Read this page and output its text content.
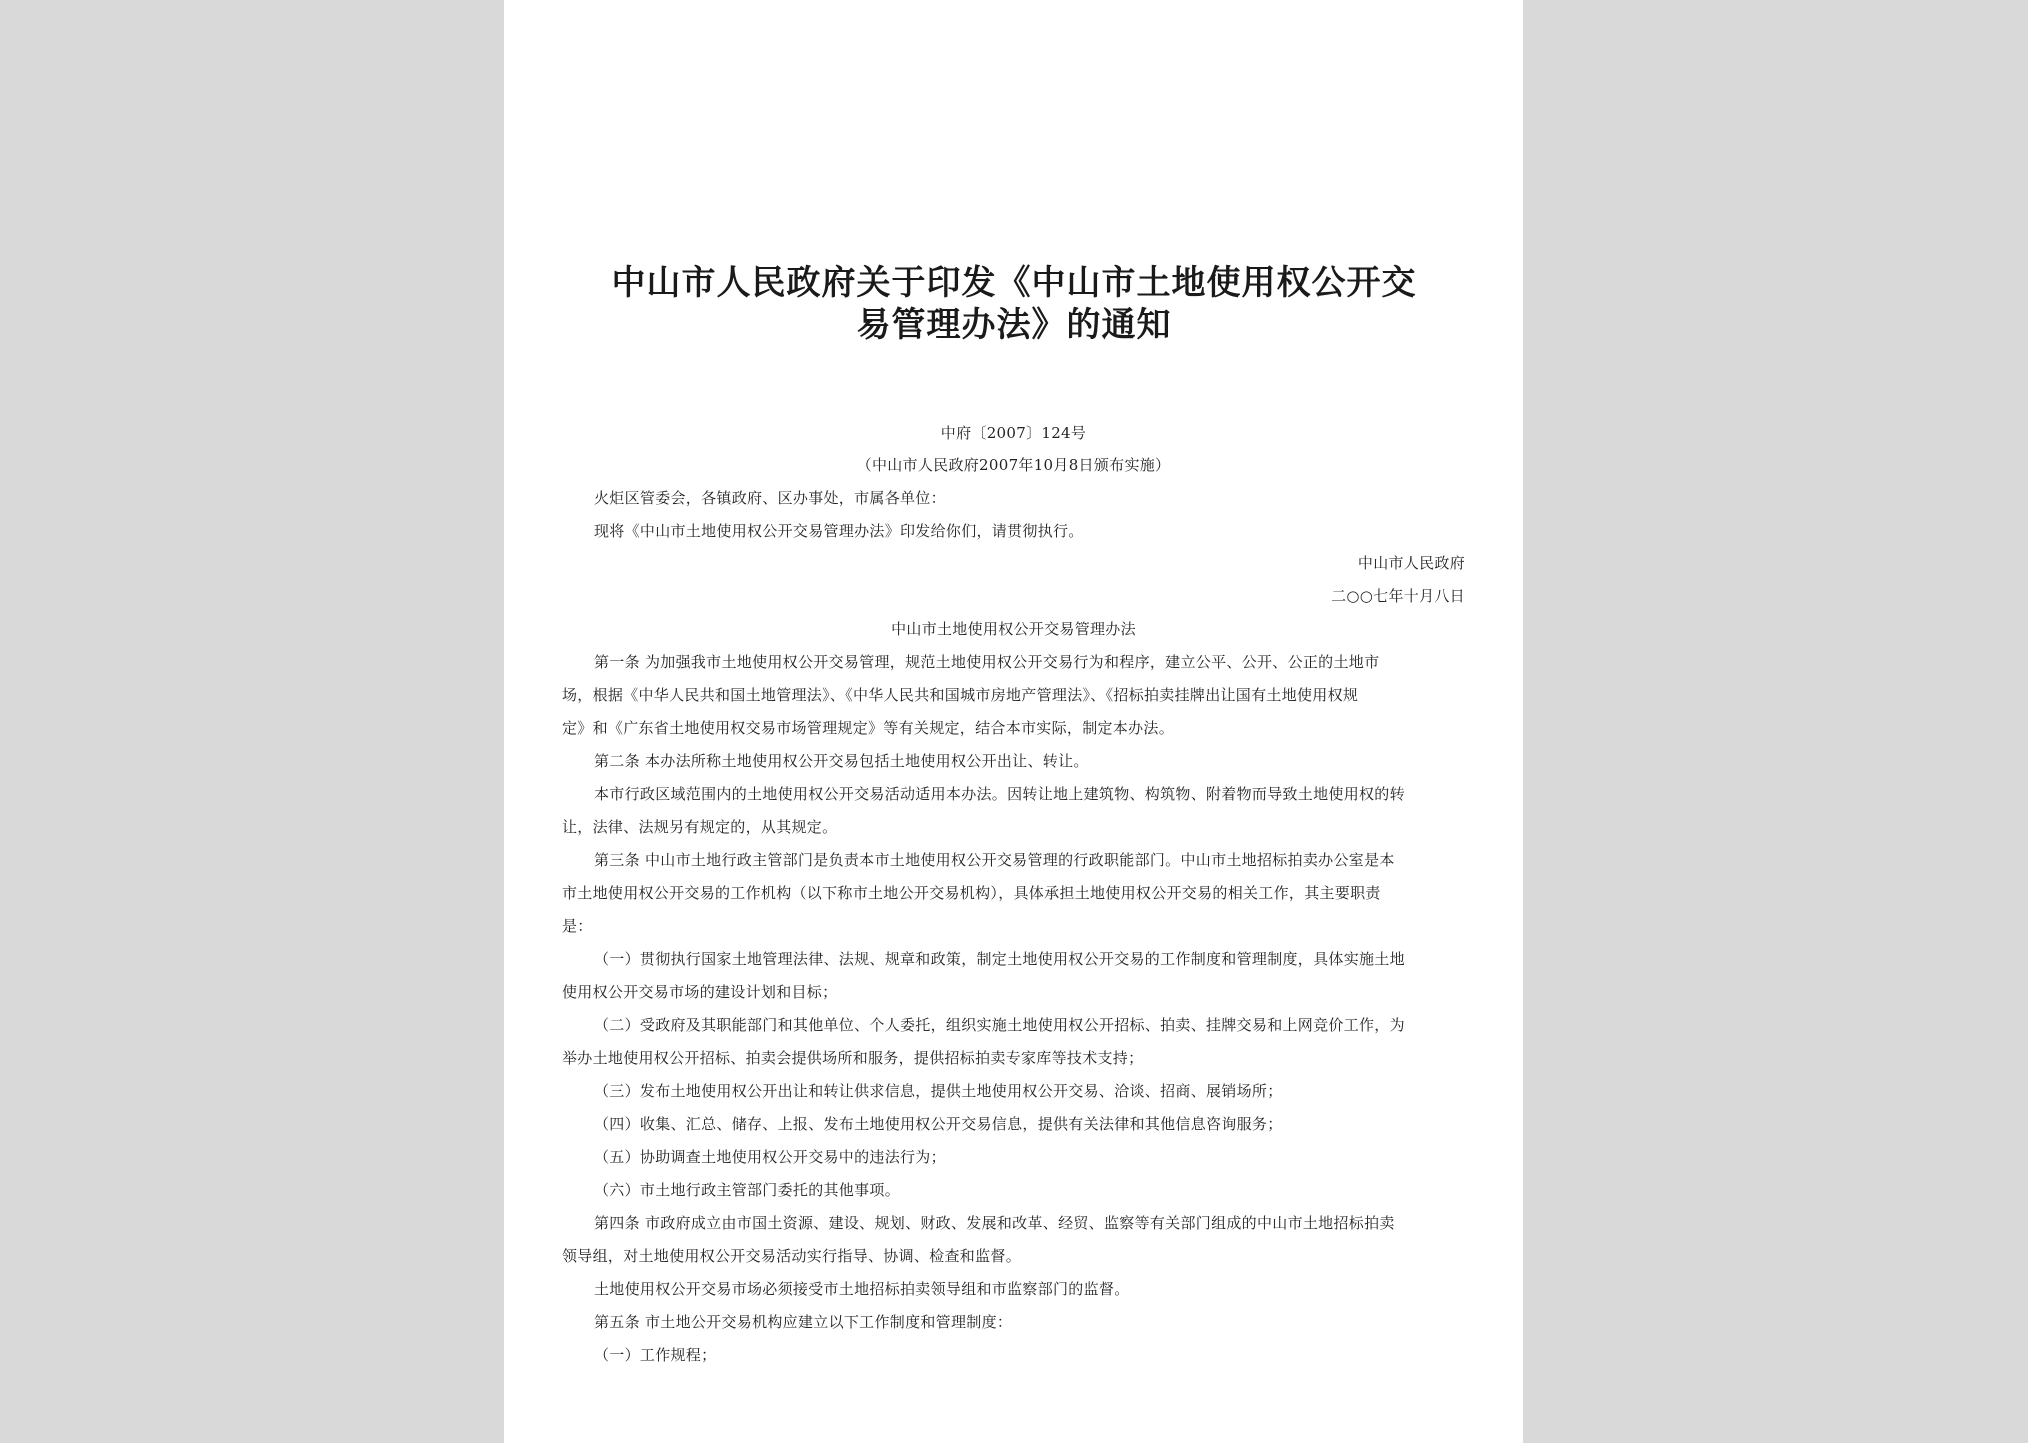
中山市人民政府关于印发《中山市土地使用权公开交
易管理办法》的通知
中府〔2007〕124号
（中山市人民政府2007年10月8日颁布实施）
火炬区管委会，各镇政府、区办事处，市属各单位：
现将《中山市土地使用权公开交易管理办法》印发给你们，请贯彻执行。
中山市人民政府
二○○七年十月八日
中山市土地使用权公开交易管理办法
第一条 为加强我市土地使用权公开交易管理，规范土地使用权公开交易行为和程序，建立公平、公开、公正的土地市
场，根据《中华人民共和国土地管理法》、《中华人民共和国城市房地产管理法》、《招标拍卖挂牌出让国有土地使用权规
定》和《广东省土地使用权交易市场管理规定》等有关规定，结合本市实际，制定本办法。
第二条 本办法所称土地使用权公开交易包括土地使用权公开出让、转让。
本市行政区域范围内的土地使用权公开交易活动适用本办法。因转让地上建筑物、构筑物、附着物而导致土地使用权的转
让，法律、法规另有规定的，从其规定。
第三条 中山市土地行政主管部门是负责本市土地使用权公开交易管理的行政职能部门。中山市土地招标拍卖办公室是本
市土地使用权公开交易的工作机构（以下称市土地公开交易机构），具体承担土地使用权公开交易的相关工作，其主要职责
是：
（一）贯彻执行国家土地管理法律、法规、规章和政策，制定土地使用权公开交易的工作制度和管理制度，具体实施土地
使用权公开交易市场的建设计划和目标；
（二）受政府及其职能部门和其他单位、个人委托，组织实施土地使用权公开招标、拍卖、挂牌交易和上网竞价工作，为
举办土地使用权公开招标、拍卖会提供场所和服务，提供招标拍卖专家库等技术支持；
（三）发布土地使用权公开出让和转让供求信息，提供土地使用权公开交易、洽谈、招商、展销场所；
（四）收集、汇总、储存、上报、发布土地使用权公开交易信息，提供有关法律和其他信息咨询服务；
（五）协助调查土地使用权公开交易中的违法行为；
（六）市土地行政主管部门委托的其他事项。
第四条 市政府成立由市国土资源、建设、规划、财政、发展和改革、经贸、监察等有关部门组成的中山市土地招标拍卖
领导组，对土地使用权公开交易活动实行指导、协调、检查和监督。
土地使用权公开交易市场必须接受市土地招标拍卖领导组和市监察部门的监督。
第五条 市土地公开交易机构应建立以下工作制度和管理制度：
（一）工作规程；
